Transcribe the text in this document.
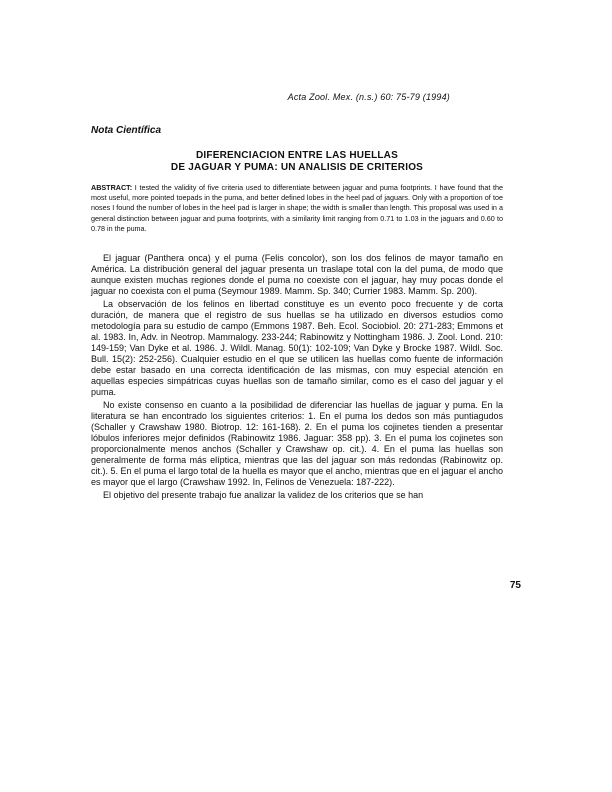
Acta Zool. Mex. (n.s.) 60: 75-79 (1994)
Nota Científica
DIFERENCIACION ENTRE LAS HUELLAS
DE JAGUAR Y PUMA: UN ANALISIS DE CRITERIOS

ABSTRACT: I tested the validity of five criteria used to differentiate between jaguar and puma footprints. I have found that the most useful, more pointed toepads in the puma, and better defined lobes in the heel pad of jaguars. Only with a proportion of toe noses I found the number of lobes in the heel pad is larger in shape; the width is smaller than length. This proposal was used in a general distinction between jaguar and puma footprints, with a similarity limit ranging from 0.71 to 1.03 in the jaguars and 0.60 to 0.78 in the puma.

El jaguar (Panthera onca) y el puma (Felis concolor), son los dos felinos de mayor tamaño en América. La distribución general del jaguar presenta un traslape total con la del puma, de modo que aunque existen muchas regiones donde el puma no coexiste con el jaguar, hay muy pocas donde el jaguar no coexista con el puma (Seymour 1989. Mamm. Sp. 340; Currier 1983. Mamm. Sp. 200).

La observación de los felinos en libertad constituye es un evento poco frecuente y de corta duración, de manera que el registro de sus huellas se ha utilizado en diversos estudios como metodología para su estudio de campo (Emmons 1987. Beh. Ecol. Sociobiol. 20: 271-283; Emmons et al. 1983. In, Adv. in Neotrop. Mammalogy. 233-244; Rabinowitz y Nottingham 1986. J. Zool. Lond. 210: 149-159; Van Dyke et al. 1986. J. Wildl. Manag. 50(1): 102-109; Van Dyke y Brocke 1987. Wildl. Soc. Bull. 15(2): 252-256). Cualquier estudio en el que se utilicen las huellas como fuente de información debe estar basado en una correcta identificación de las mismas, con muy especial atención en aquellas especies simpátricas cuyas huellas son de tamaño similar, como es el caso del jaguar y el puma.

No existe consenso en cuanto a la posibilidad de diferenciar las huellas de jaguar y puma. En la literatura se han encontrado los siguientes criterios: 1. En el puma los dedos son más puntiagudos (Schaller y Crawshaw 1980. Biotrop. 12: 161-168). 2. En el puma los cojinetes tienden a presentar lóbulos inferiores mejor definidos (Rabinowitz 1986. Jaguar: 358 pp). 3. En el puma los cojinetes son proporcionalmente menos anchos (Schaller y Crawshaw op. cit.). 4. En el puma las huellas son generalmente de forma más elíptica, mientras que las del jaguar son más redondas (Rabinowitz op. cit.). 5. En el puma el largo total de la huella es mayor que el ancho, mientras que en el jaguar el ancho es mayor que el largo (Crawshaw 1992. In, Felinos de Venezuela: 187-222).

El objetivo del presente trabajo fue analizar la validez de los criterios que se han

75
